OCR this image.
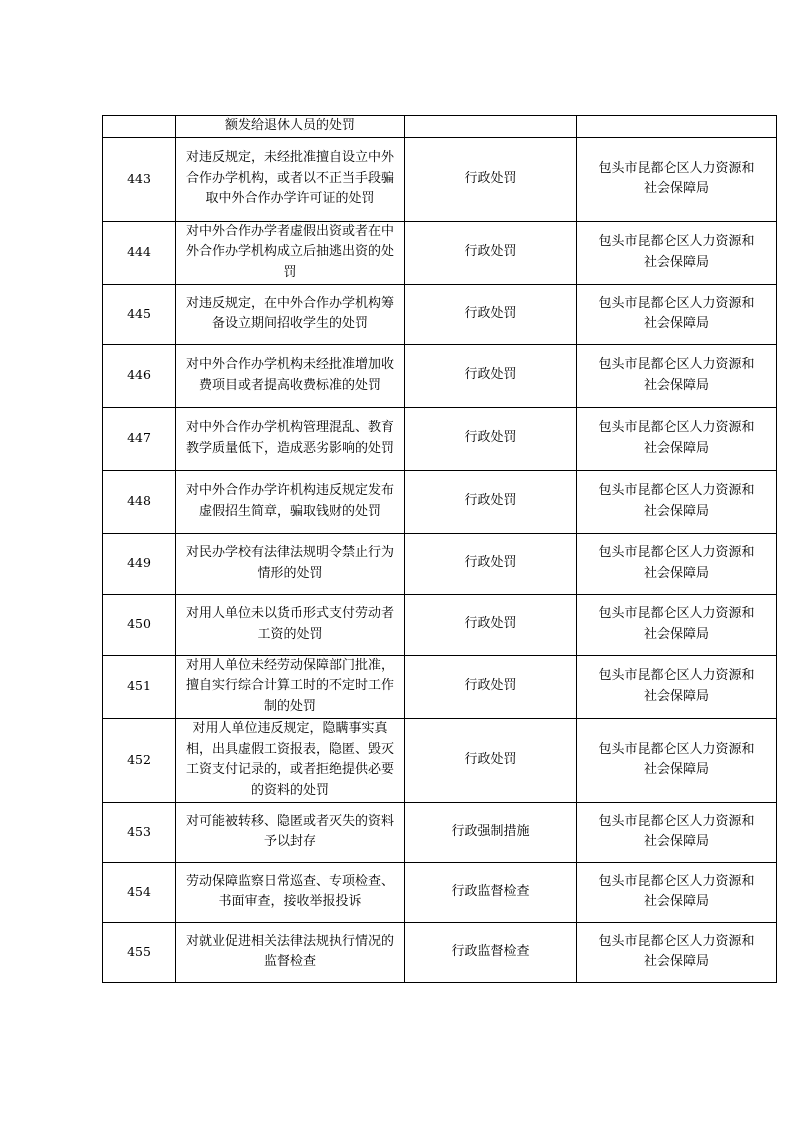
	额发给退休人员的处罚		
443	对违反规定，未经批准擅自设立中外合作办学机构，或者以不正当手段骗取中外合作办学许可证的处罚	行政处罚	包头市昆都仑区人力资源和
社会保障局

444	对中外合作办学者虚假出资或者在中外合作办学机构成立后抽逃出资的处罚	行政处罚	包头市昆都仑区人力资源和
社会保障局

445	对违反规定，在中外合作办学机构筹备设立期间招收学生的处罚	行政处罚	包头市昆都仑区人力资源和
社会保障局

446	对中外合作办学机构未经批准增加收费项目或者提高收费标准的处罚	行政处罚	包头市昆都仑区人力资源和
社会保障局

447	对中外合作办学机构管理混乱、教育教学质量低下，造成恶劣影响的处罚	行政处罚	包头市昆都仑区人力资源和
社会保障局

448	对中外合作办学许机构违反规定发布虚假招生简章，骗取钱财的处罚	行政处罚	包头市昆都仑区人力资源和
社会保障局

449	对民办学校有法律法规明令禁止行为情形的处罚	行政处罚	包头市昆都仑区人力资源和
社会保障局

450	对用人单位未以货币形式支付劳动者工资的处罚	行政处罚	包头市昆都仑区人力资源和
社会保障局

451	对用人单位未经劳动保障部门批准，擅自实行综合计算工时的不定时工作制的处罚	行政处罚	包头市昆都仑区人力资源和
社会保障局

452	对用人单位违反规定，隐瞒事实真相，出具虚假工资报表，隐匿、毁灭工资支付记录的，或者拒绝提供必要的资料的处罚	行政处罚	包头市昆都仑区人力资源和
社会保障局

453	对可能被转移、隐匿或者灭失的资料予以封存	行政强制措施	包头市昆都仑区人力资源和
社会保障局

454	劳动保障监察日常巡查、专项检查、书面审查，接收举报投诉	行政监督检查	包头市昆都仑区人力资源和
社会保障局

455	对就业促进相关法律法规执行情况的监督检查	行政监督检查	包头市昆都仑区人力资源和
社会保障局
